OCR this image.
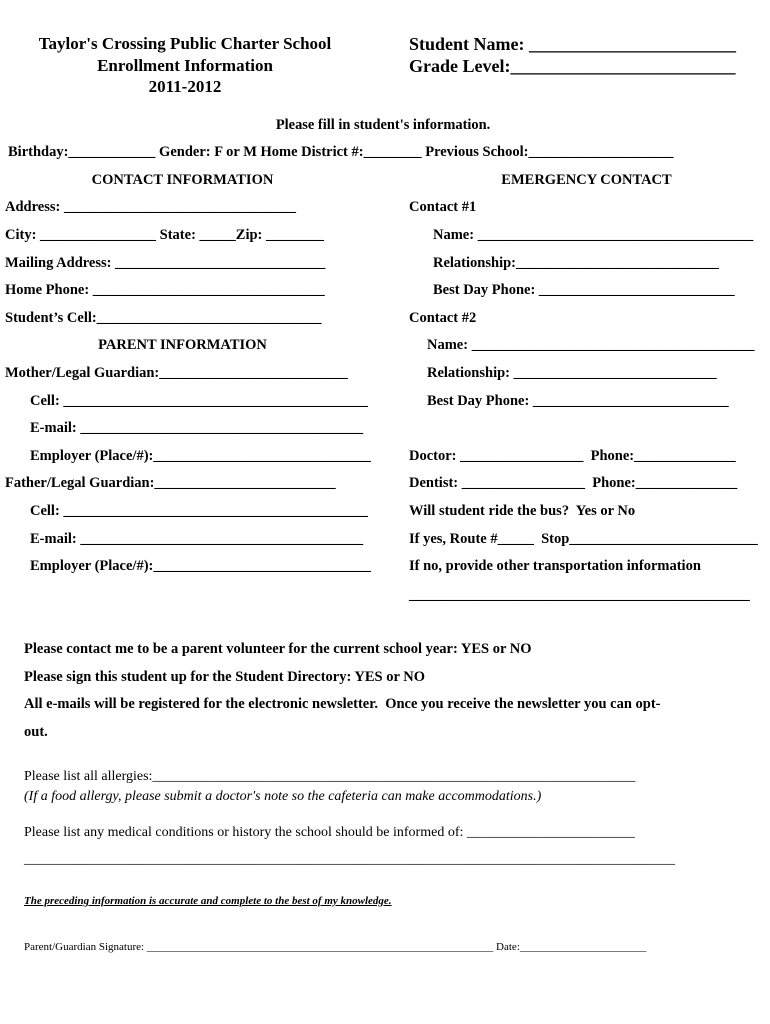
Taylor's Crossing Public Charter School
Enrollment Information
2011-2012
Student Name: _______________________
Grade Level:_________________________
Please fill in student's information.
Birthday:____________ Gender: F or M Home District #:________ Previous School:____________________
CONTACT INFORMATION
Address: ________________________________
City: ________________ State: _____Zip: ________
Mailing Address: _____________________________
Home Phone: ________________________________
Student’s Cell:_______________________________
PARENT INFORMATION
Mother/Legal Guardian:__________________________
Cell: __________________________________________
E-mail: _______________________________________
Employer (Place/#):______________________________
Father/Legal Guardian:_________________________
Cell: __________________________________________
E-mail: _______________________________________
Employer (Place/#):______________________________
EMERGENCY CONTACT
Contact #1
Name: ______________________________________
Relationship:____________________________
Best Day Phone: ___________________________
Contact #2
Name: _______________________________________
Relationship: ____________________________
Best Day Phone: ___________________________
Doctor: _________________  Phone:______________
Dentist: _________________  Phone:______________
Will student ride the bus?  Yes or No
If yes, Route #_____  Stop__________________________
If no, provide other transportation information
_______________________________________________
Please contact me to be a parent volunteer for the current school year: YES or NO
Please sign this student up for the Student Directory: YES or NO
All e-mails will be registered for the electronic newsletter.  Once you receive the newsletter you can opt-
out.
Please list all allergies:_____________________________________________________________________
(If a food allergy, please submit a doctor's note so the cafeteria can make accommodations.)
Please list any medical conditions or history the school should be informed of: ________________________
_____________________________________________________________________________________________
The preceding information is accurate and complete to the best of my knowledge.
Parent/Guardian Signature: _______________________________________________________________ Date:_______________________
